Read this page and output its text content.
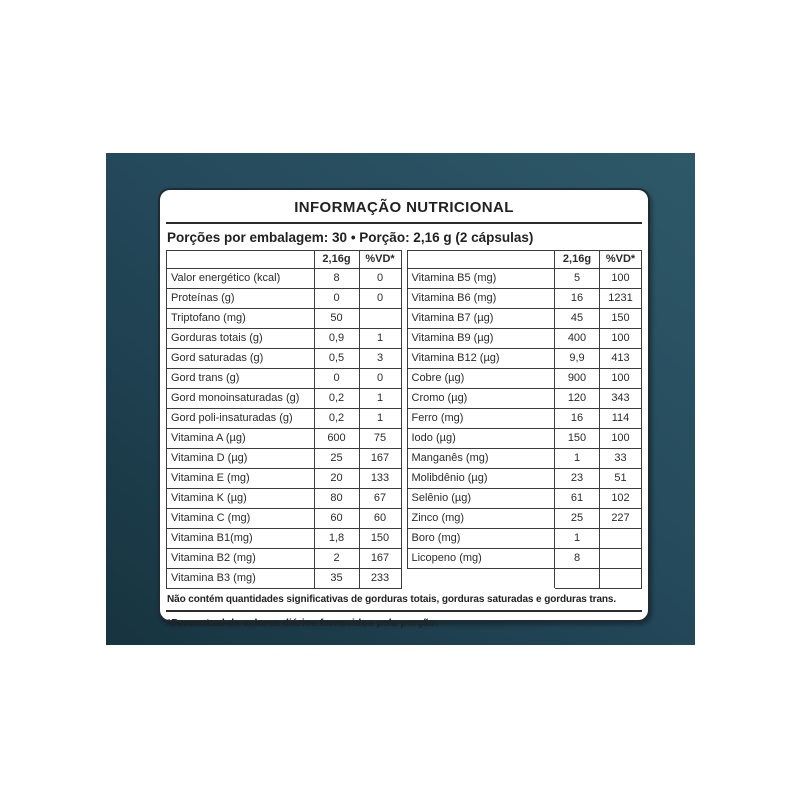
INFORMAÇÃO NUTRICIONAL
Porções por embalagem: 30 • Porção: 2,16 g (2 cápsulas)
	2,16g	%VD*
Valor energético (kcal)	8	0
Proteínas (g)	0	0
Triptofano (mg)	50	
Gorduras totais (g)	0,9	1
Gord saturadas (g)	0,5	3
Gord trans (g)	0	0
Gord monoinsaturadas (g)	0,2	1
Gord poli-insaturadas (g)	0,2	1
Vitamina A (µg)	600	75
Vitamina D (µg)	25	167
Vitamina E (mg)	20	133
Vitamina K (µg)	80	67
Vitamina C (mg)	60	60
Vitamina B1(mg)	1,8	150
Vitamina B2 (mg)	2	167
Vitamina B3 (mg)	35	233
	2,16g	%VD*
Vitamina B5 (mg)	5	100
Vitamina B6 (mg)	16	1231
Vitamina B7 (µg)	45	150
Vitamina B9 (µg)	400	100
Vitamina B12 (µg)	9,9	413
Cobre (µg)	900	100
Cromo (µg)	120	343
Ferro (mg)	16	114
Iodo (µg)	150	100
Manganês (mg)	1	33
Molibdênio (µg)	23	51
Selênio (µg)	61	102
Zinco (mg)	25	227
Boro (mg)	1	
Licopeno (mg)	8	

Não contém quantidades significativas de gorduras totais, gorduras saturadas e gorduras trans.
*Percentual de valores diários fornecidos pela porção.
